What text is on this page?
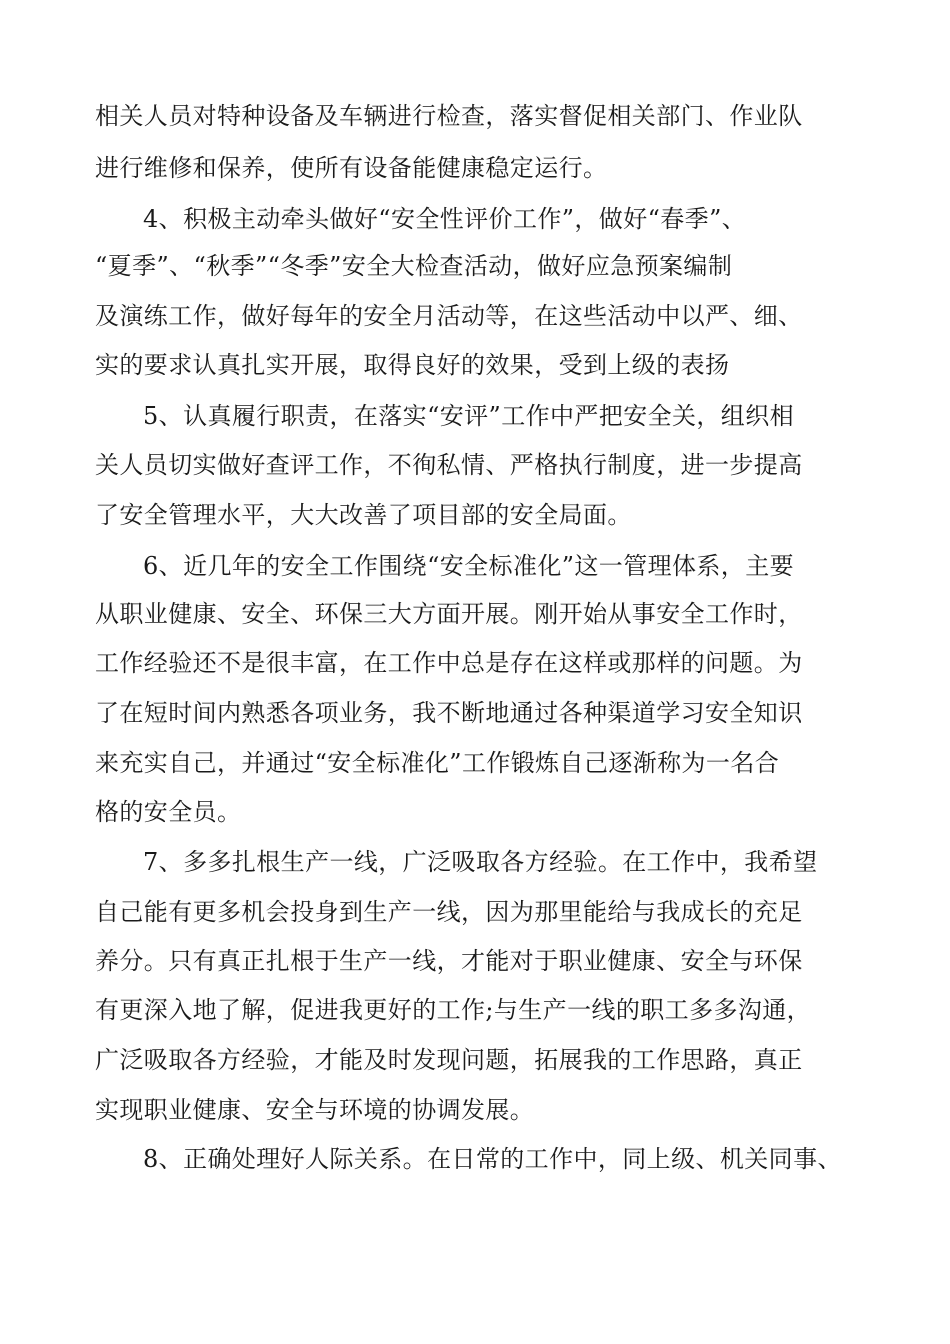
相关人员对特种设备及车辆进行检查，落实督促相关部门、作业队
进行维修和保养，使所有设备能健康稳定运行。
4、积极主动牵头做好“安全性评价工作”，做好“春季”、
“夏季”、“秋季”“冬季”安全大检查活动，做好应急预案编制
及演练工作，做好每年的安全月活动等，在这些活动中以严、细、
实的要求认真扎实开展，取得良好的效果，受到上级的表扬
5、认真履行职责，在落实“安评”工作中严把安全关，组织相
关人员切实做好查评工作，不徇私情、严格执行制度，进一步提高
了安全管理水平，大大改善了项目部的安全局面。
6、近几年的安全工作围绕“安全标准化”这一管理体系，主要
从职业健康、安全、环保三大方面开展。刚开始从事安全工作时，
工作经验还不是很丰富，在工作中总是存在这样或那样的问题。为
了在短时间内熟悉各项业务，我不断地通过各种渠道学习安全知识
来充实自己，并通过“安全标准化”工作锻炼自己逐渐称为一名合
格的安全员。
7、多多扎根生产一线，广泛吸取各方经验。在工作中，我希望
自己能有更多机会投身到生产一线，因为那里能给与我成长的充足
养分。只有真正扎根于生产一线，才能对于职业健康、安全与环保
有更深入地了解，促进我更好的工作;与生产一线的职工多多沟通，
广泛吸取各方经验，才能及时发现问题，拓展我的工作思路，真正
实现职业健康、安全与环境的协调发展。
8、正确处理好人际关系。在日常的工作中，同上级、机关同事、
